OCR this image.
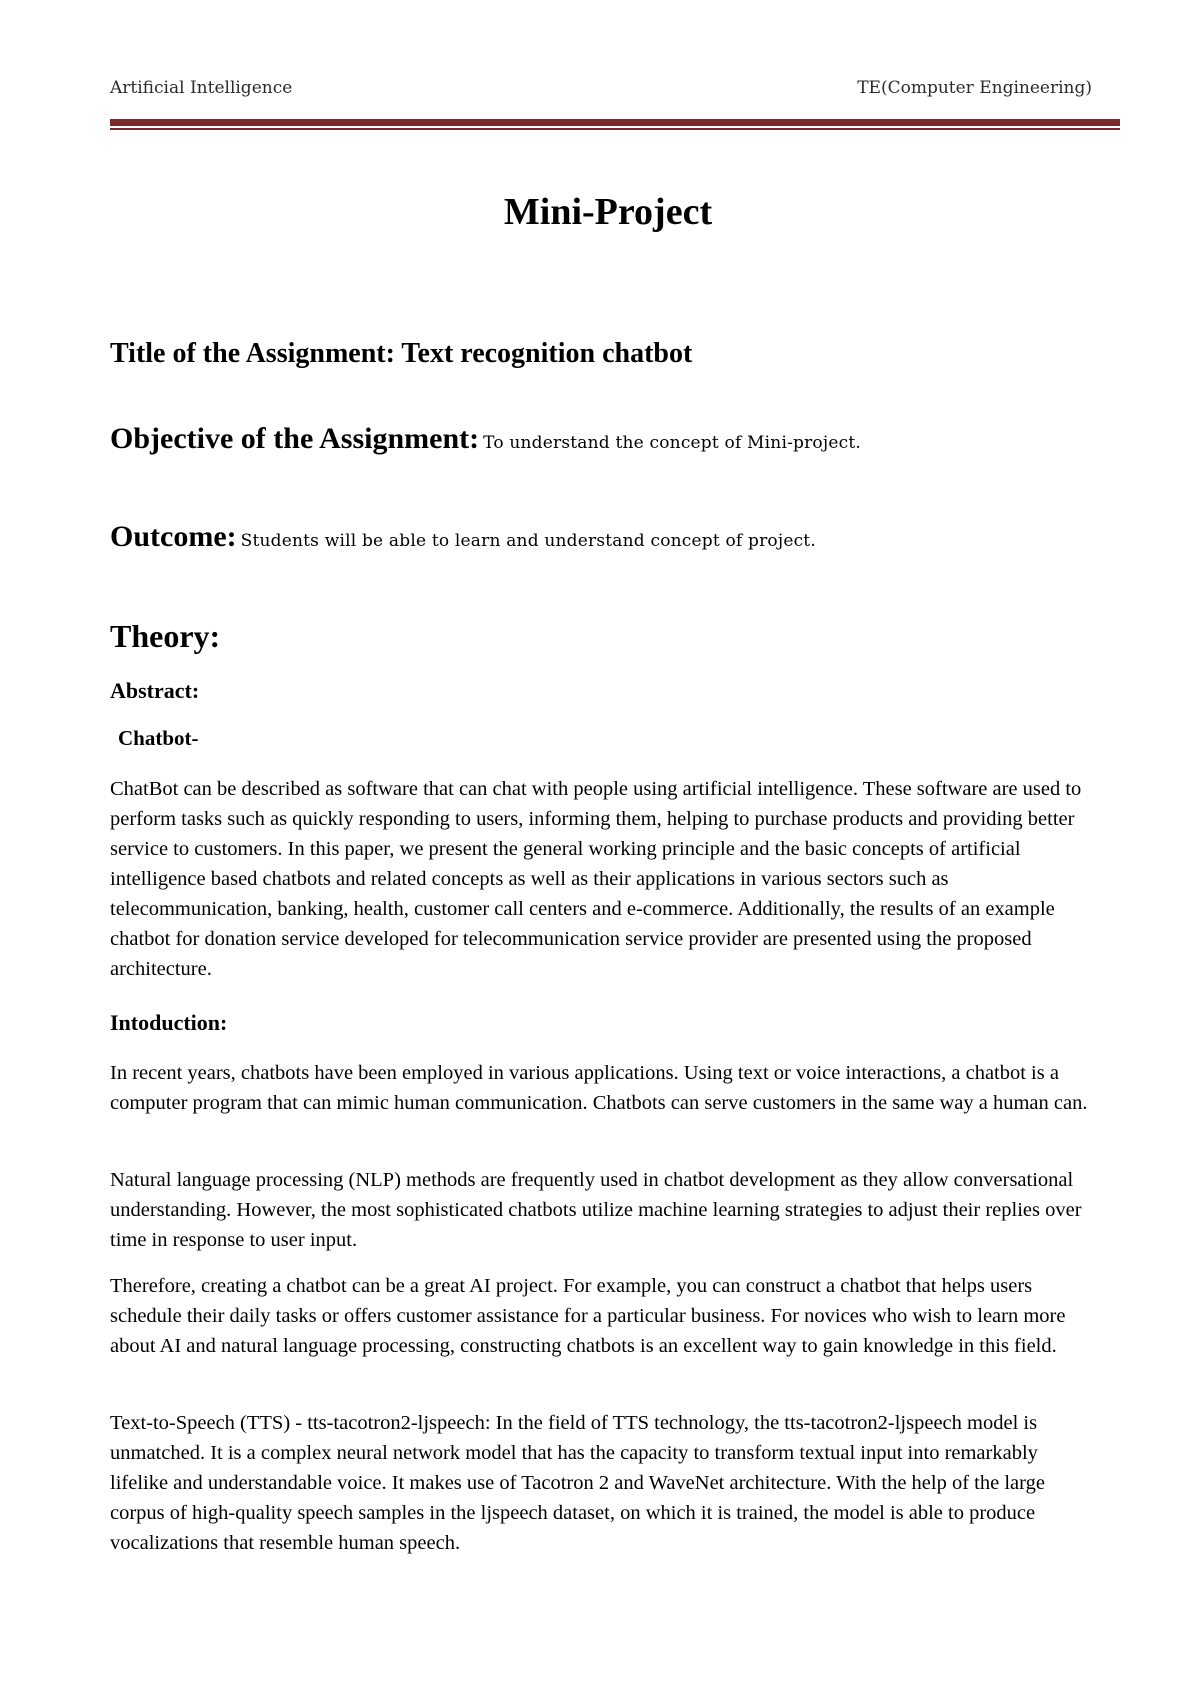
Artificial Intelligence	TE(Computer Engineering)
Mini-Project
Title of the Assignment: Text recognition chatbot
Objective of the Assignment: To understand the concept of Mini-project.
Outcome: Students will be able to learn and understand concept of project.
Theory:
Abstract:
Chatbot-

ChatBot can be described as software that can chat with people using artificial intelligence. These software are used to perform tasks such as quickly responding to users, informing them, helping to purchase products and providing better service to customers. In this paper, we present the general working principle and the basic concepts of artificial intelligence based chatbots and related concepts as well as their applications in various sectors such as telecommunication, banking, health, customer call centers and e-commerce. Additionally, the results of an example chatbot for donation service developed for telecommunication service provider are presented using the proposed architecture.

Intoduction:

In recent years, chatbots have been employed in various applications. Using text or voice interactions, a chatbot is a computer program that can mimic human communication. Chatbots can serve customers in the same way a human can.

Natural language processing (NLP) methods are frequently used in chatbot development as they allow conversational understanding. However, the most sophisticated chatbots utilize machine learning strategies to adjust their replies over time in response to user input.

Therefore, creating a chatbot can be a great AI project. For example, you can construct a chatbot that helps users schedule their daily tasks or offers customer assistance for a particular business. For novices who wish to learn more about AI and natural language processing, constructing chatbots is an excellent way to gain knowledge in this field.

Text-to-Speech (TTS) - tts-tacotron2-ljspeech: In the field of TTS technology, the tts-tacotron2-ljspeech model is unmatched. It is a complex neural network model that has the capacity to transform textual input into remarkably lifelike and understandable voice. It makes use of Tacotron 2 and WaveNet architecture. With the help of the large corpus of high-quality speech samples in the ljspeech dataset, on which it is trained, the model is able to produce vocalizations that resemble human speech.
